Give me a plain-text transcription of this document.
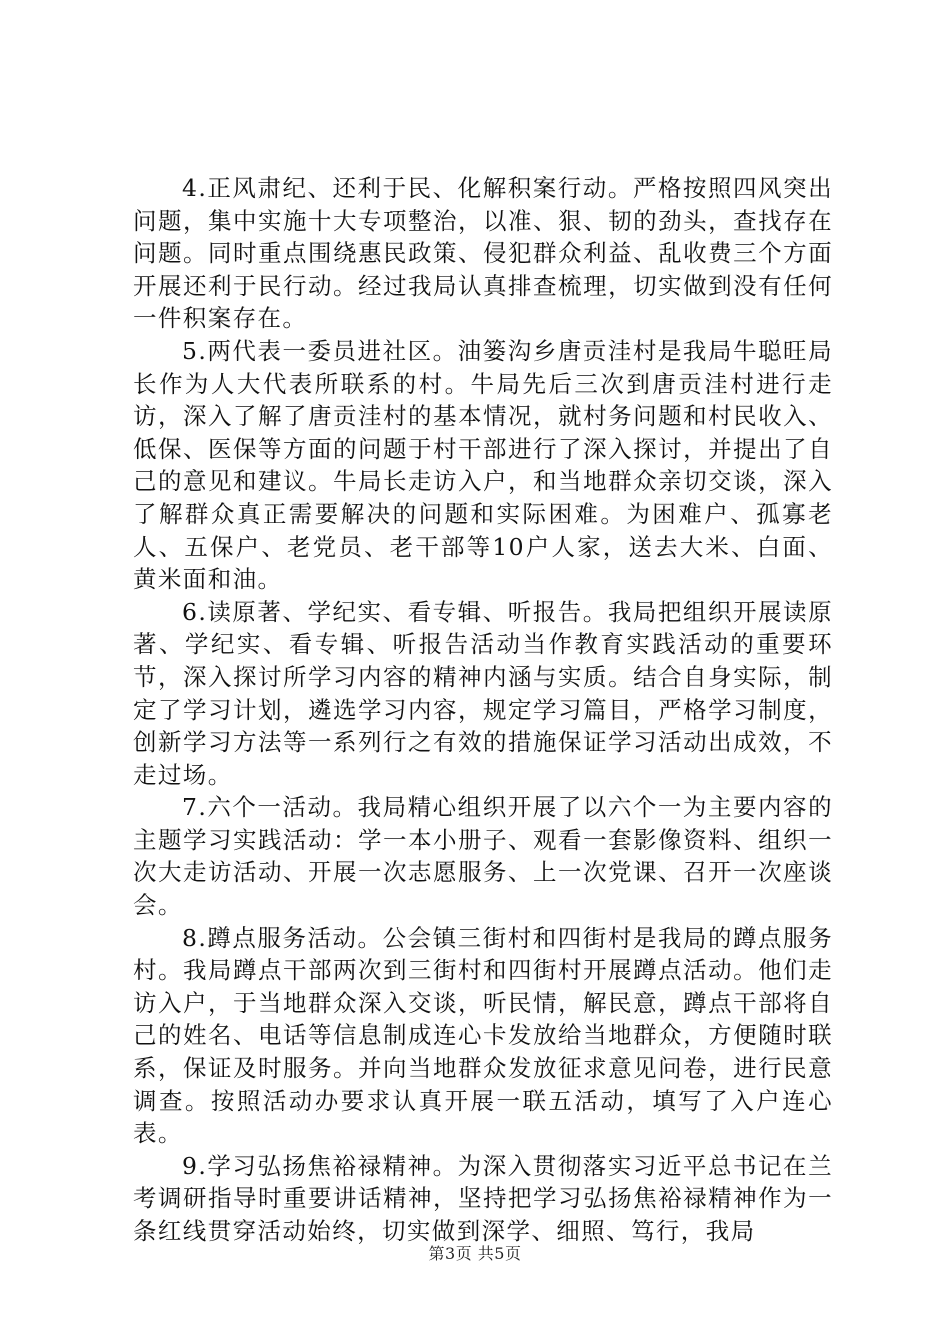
4.正风肃纪、还利于民、化解积案行动。严格按照四风突出问题，集中实施十大专项整治，以准、狠、韧的劲头，查找存在问题。同时重点围绕惠民政策、侵犯群众利益、乱收费三个方面开展还利于民行动。经过我局认真排查梳理，切实做到没有任何一件积案存在。

5.两代表一委员进社区。油篓沟乡唐贡洼村是我局牛聪旺局长作为人大代表所联系的村。牛局先后三次到唐贡洼村进行走访，深入了解了唐贡洼村的基本情况，就村务问题和村民收入、低保、医保等方面的问题于村干部进行了深入探讨，并提出了自己的意见和建议。牛局长走访入户，和当地群众亲切交谈，深入了解群众真正需要解决的问题和实际困难。为困难户、孤寡老人、五保户、老党员、老干部等10户人家，送去大米、白面、黄米面和油。

6.读原著、学纪实、看专辑、听报告。我局把组织开展读原著、学纪实、看专辑、听报告活动当作教育实践活动的重要环节，深入探讨所学习内容的精神内涵与实质。结合自身实际，制定了学习计划，遴选学习内容，规定学习篇目，严格学习制度，创新学习方法等一系列行之有效的措施保证学习活动出成效，不走过场。

7.六个一活动。我局精心组织开展了以六个一为主要内容的主题学习实践活动：学一本小册子、观看一套影像资料、组织一次大走访活动、开展一次志愿服务、上一次党课、召开一次座谈会。

8.蹲点服务活动。公会镇三街村和四街村是我局的蹲点服务村。我局蹲点干部两次到三街村和四街村开展蹲点活动。他们走访入户，于当地群众深入交谈，听民情，解民意，蹲点干部将自己的姓名、电话等信息制成连心卡发放给当地群众，方便随时联系，保证及时服务。并向当地群众发放征求意见问卷，进行民意调查。按照活动办要求认真开展一联五活动，填写了入户连心表。

9.学习弘扬焦裕禄精神。为深入贯彻落实习近平总书记在兰考调研指导时重要讲话精神，坚持把学习弘扬焦裕禄精神作为一条红线贯穿活动始终，切实做到深学、细照、笃行，我局

第3页 共5页
